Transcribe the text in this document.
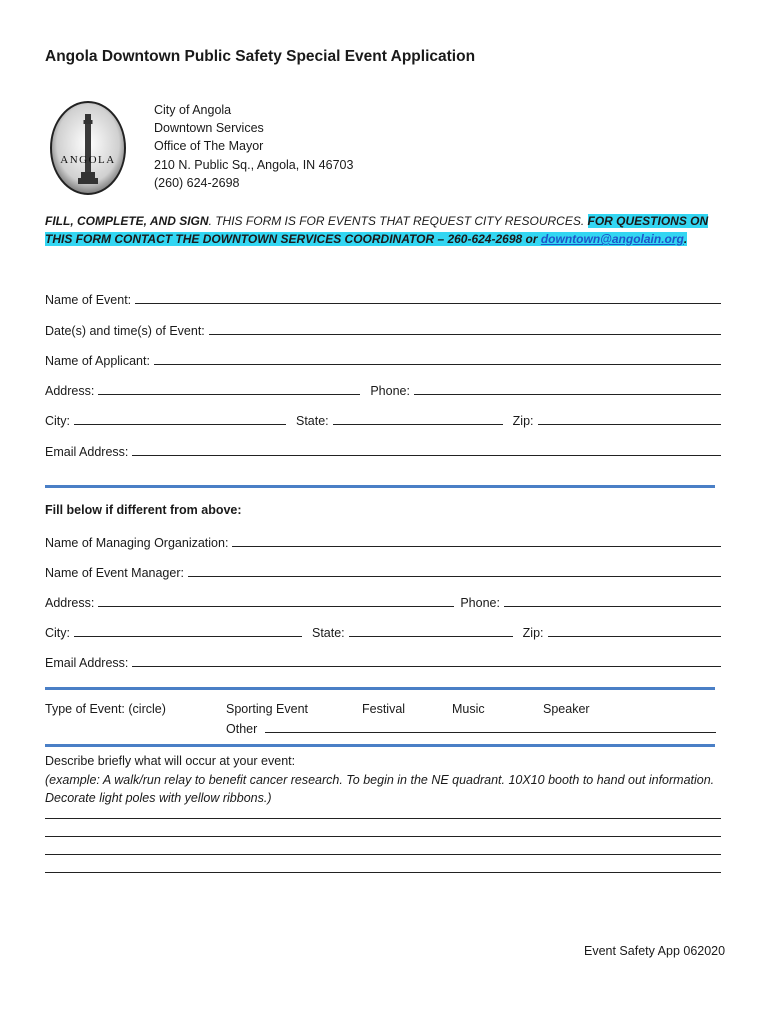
Angola Downtown Public Safety Special Event Application
ANGOLA
City of Angola
Downtown Services
Office of The Mayor
210 N. Public Sq., Angola, IN 46703
(260) 624-2698
FILL, COMPLETE, AND SIGN. THIS FORM IS FOR EVENTS THAT REQUEST CITY RESOURCES. FOR QUESTIONS ON THIS FORM CONTACT THE DOWNTOWN SERVICES COORDINATOR – 260-624-2698 or downtown@angolain.org.
Name of Event:
Date(s) and time(s) of Event:
Name of Applicant:
Address:	Phone:
City:	State:	Zip:
Email Address:
Fill below if different from above:
Name of Managing Organization:
Name of Event Manager:
Address:	Phone:
City:	State:	Zip:
Email Address:
Type of Event: (circle)	Sporting Event	Festival	Music	Speaker
Other
Describe briefly what will occur at your event:
(example: A walk/run relay to benefit cancer research. To begin in the NE quadrant. 10X10 booth to hand out information. Decorate light poles with yellow ribbons.)
Event Safety App 062020
